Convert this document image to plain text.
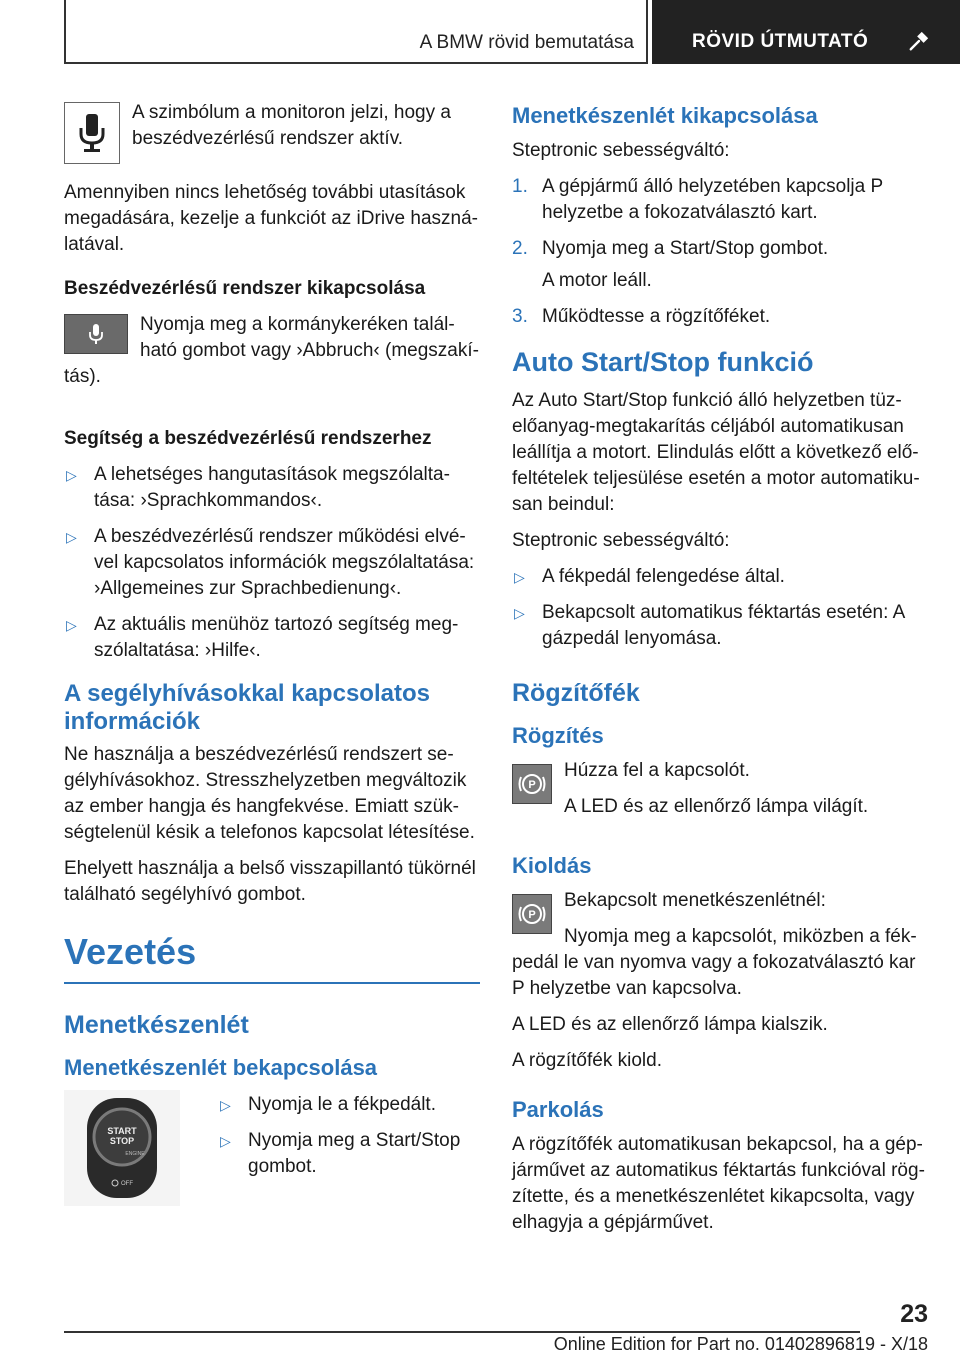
A BMW rövid bemutatása	RÖVID ÚTMUTATÓ

A szimbólum a monitoron jelzi, hogy a beszédvezérlésű rendszer aktív.

Amennyiben nincs lehetőség további utasítások megadására, kezelje a funkciót az iDrive haszná-latával.

Beszédvezérlésű rendszer kikapcsolása

Nyomja meg a kormánykeréken talál-ható gombot vagy ›Abbruch‹ (megszakí-tás).

Segítség a beszédvezérlésű rendszerhez
▷ A lehetséges hangutasítások megszólalta-tása: ›Sprachkommandos‹.
▷ A beszédvezérlésű rendszer működési elvé-vel kapcsolatos információk megszólaltatása: ›Allgemeines zur Sprachbedienung‹.
▷ Az aktuális menühöz tartozó segítség meg-szólaltatása: ›Hilfe‹.
A segélyhívásokkal kapcsolatos információk

Ne használja a beszédvezérlésű rendszert se-gélyhívásokhoz. Stresszhelyzetben megváltozik az ember hangja és hangfekvése. Emiatt szük-ségtelenül késik a telefonos kapcsolat létesítése.

Ehelyett használja a belső visszapillantó tükörnél található segélyhívó gombot.

Vezetés
Menetkészenlét
Menetkészenlét bekapcsolása
START
STOP
ENGINE
OFF
▷ Nyomja le a fékpedált.
▷ Nyomja meg a Start/Stop gombot.
Menetkészenlét kikapcsolása

Steptronic sebességváltó:

1. A gépjármű álló helyzetében kapcsolja P helyzetbe a fokozatválasztó kart.
2. Nyomja meg a Start/Stop gombot.
A motor leáll.
3. Működtesse a rögzítőféket.
Auto Start/Stop funkció

Az Auto Start/Stop funkció álló helyzetben tüz-előanyag-megtakarítás céljából automatikusan leállítja a motort. Elindulás előtt a következő elő-feltételek teljesülése esetén a motor automatiku-san beindul:

Steptronic sebességváltó:

▷ A fékpedál felengedése által.
▷ Bekapcsolt automatikus féktartás esetén: A gázpedál lenyomása.
Rögzítőfék
Rögzítés
P

Húzza fel a kapcsolót.

A LED és az ellenőrző lámpa világít.

Kioldás
P

Bekapcsolt menetkészenlétnél:

Nyomja meg a kapcsolót, miközben a fék-pedál le van nyomva vagy a fokozatválasztó kar P helyzetbe van kapcsolva.

A LED és az ellenőrző lámpa kialszik.

A rögzítőfék kiold.

Parkolás

A rögzítőfék automatikusan bekapcsol, ha a gép-járművet az automatikus féktartás funkcióval rög-zítette, és a menetkészenlétet kikapcsolta, vagy elhagyja a gépjárművet.

23
Online Edition for Part no. 01402896819 - X/18
